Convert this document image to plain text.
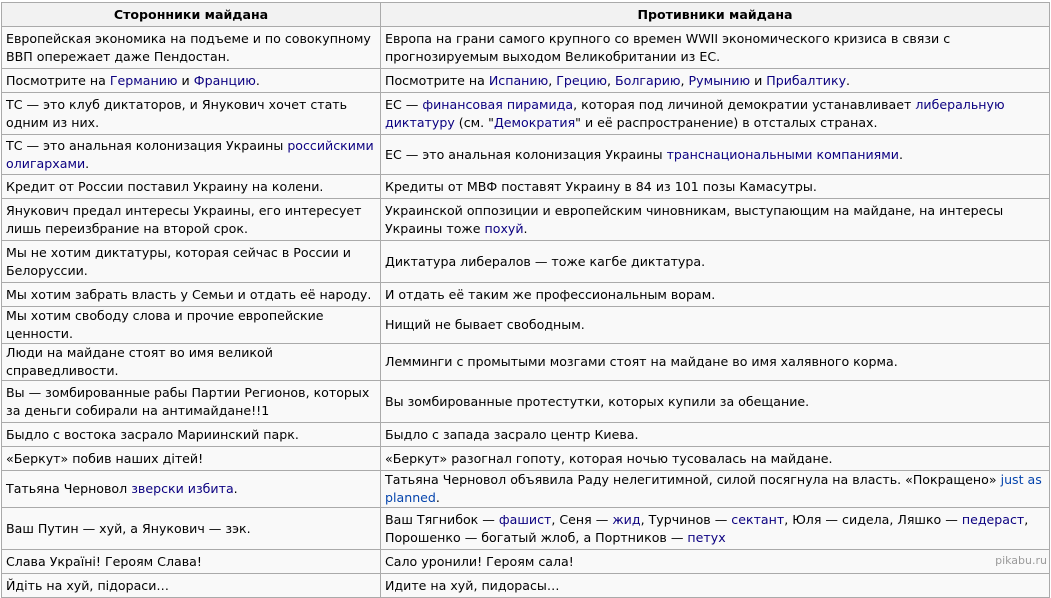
Сторонники майдана	Противники майдана
Европейская экономика на подъеме и по совокупному ВВП опережает даже Пендостан.	Европа на грани самого крупного со времен WWII экономического кризиса в связи с прогнозируемым выходом Великобритании из ЕС.
Посмотрите на Германию и Францию.	Посмотрите на Испанию, Грецию, Болгарию, Румынию и Прибалтику.
ТС — это клуб диктаторов, и Янукович хочет стать одним из них.	ЕС — финансовая пирамида, которая под личиной демократии устанавливает либеральную диктатуру (см. "Демократия" и её распространение) в отсталых странах.
ТС — это анальная колонизация Украины российскими олигархами.	ЕС — это анальная колонизация Украины транснациональными компаниями.
Кредит от России поставил Украину на колени.	Кредиты от МВФ поставят Украину в 84 из 101 позы Камасутры.
Янукович предал интересы Украины, его интересует лишь переизбрание на второй срок.	Украинской оппозиции и европейским чиновникам, выступающим на майдане, на интересы Украины тоже похуй.
Мы не хотим диктатуры, которая сейчас в России и Белоруссии.	Диктатура либералов — тоже кагбе диктатура.
Мы хотим забрать власть у Семьи и отдать её народу.	И отдать её таким же профессиональным ворам.
Мы хотим свободу слова и прочие европейские ценности.	Нищий не бывает свободным.
Люди на майдане стоят во имя великой справедливости.	Лемминги с промытыми мозгами стоят на майдане во имя халявного корма.
Вы — зомбированные рабы Партии Регионов, которых за деньги собирали на антимайдане!!1	Вы зомбированные протестутки, которых купили за обещание.
Быдло с востока засрало Мариинский парк.	Быдло с запада засрало центр Киева.
«Беркут» побив наших дітей!	«Беркут» разогнал гопоту, которая ночью тусовалась на майдане.
Татьяна Черновол зверски избита.	Татьяна Черновол объявила Раду нелегитимной, силой посягнула на власть. «Покращено» just as planned.
Ваш Путин — хуй, а Янукович — зэк.	Ваш Тягнибок — фашист, Сеня — жид, Турчинов — сектант, Юля — сидела, Ляшко — педераст, Порошенко — богатый жлоб, а Портников — петух
Слава Україні! Героям Слава!	Сало уронили! Героям сала!
Йдіть на хуй, підораси…	Идите на хуй, пидорасы…
pikabu.ru
